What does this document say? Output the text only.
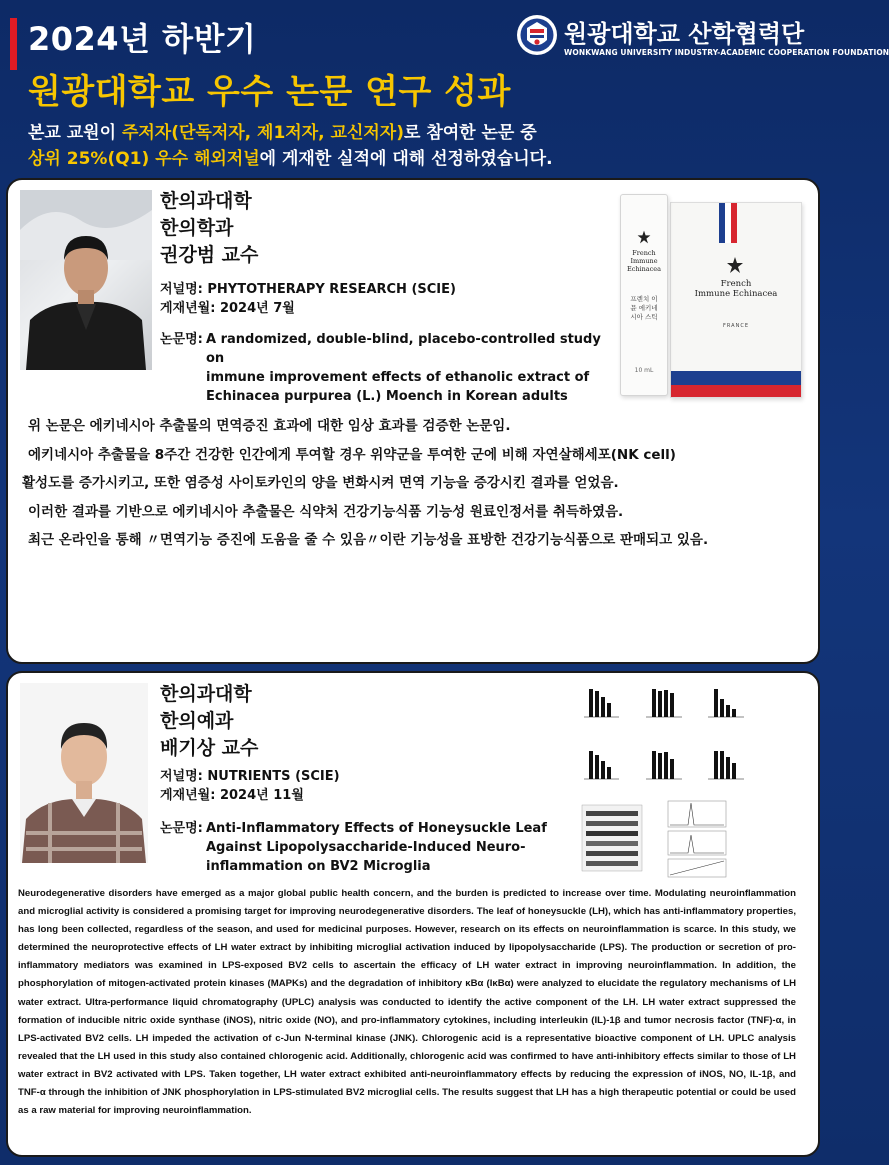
2024년 하반기
원광대학교 우수 논문 연구 성과
원광대학교 산학협력단
WONKWANG UNIVERSITY INDUSTRY-ACADEMIC COOPERATION FOUNDATION
본교 교원이 주저자(단독저자, 제1저자, 교신저자)로 참여한 논문 중
상위 25%(Q1) 우수 해외저널에 게재한 실적에 대해 선정하였습니다.
한의과대학
한의학과
권강범 교수
저널명: PHYTOTHERAPY RESEARCH (SCIE)
게재년월: 2024년 7월
논문명: A randomized, double-blind, placebo-controlled study on
immune improvement effects of ethanolic extract of
Echinacea purpurea (L.) Moench in Korean adults
French
Immune Echinacea
FRANCE
French
Immune
Echinacea
프렌치 이뮨 에키네시아 스틱
10 mL
위 논문은 에키네시아 추출물의 면역증진 효과에 대한 임상 효과를 검증한 논문임.
에키네시아 추출물을 8주간 건강한 인간에게 투여할 경우 위약군을 투여한 군에 비해 자연살해세포(NK cell)
활성도를 증가시키고, 또한 염증성 사이토카인의 양을 변화시켜 면역 기능을 증강시킨 결과를 얻었음.
이러한 결과를 기반으로 에키네시아 추출물은 식약처 건강기능식품 기능성 원료인정서를 취득하였음.
최근 온라인을 통해 〃면역기능 증진에 도움을 줄 수 있음〃이란 기능성을 표방한 건강기능식품으로 판매되고 있음.
한의과대학
한의예과
배기상 교수
저널명: NUTRIENTS (SCIE)
게재년월: 2024년 11월
논문명: Anti-Inflammatory Effects of Honeysuckle Leaf
Against Lipopolysaccharide-Induced Neuro-
inflammation on BV2 Microglia
Neurodegenerative disorders have emerged as a major global public health concern, and the burden is predicted to increase over time. Modulating neuroinflammation and microglial activity is considered a promising target for improving neurodegenerative disorders. The leaf of honeysuckle (LH), which has anti-inflammatory properties, has long been collected, regardless of the season, and used for medicinal purposes. However, research on its effects on neuroinflammation is scarce. In this study, we determined the neuroprotective effects of LH water extract by inhibiting microglial activation induced by lipopolysaccharide (LPS). The production or secretion of pro-inflammatory mediators was examined in LPS-exposed BV2 cells to ascertain the efficacy of LH water extract in improving neuroinflammation. In addition, the phosphorylation of mitogen-activated protein kinases (MAPKs) and the degradation of inhibitory κBα (IκBα) were analyzed to elucidate the regulatory mechanisms of LH water extract. Ultra-performance liquid chromatography (UPLC) analysis was conducted to identify the active component of the LH. LH water extract suppressed the formation of inducible nitric oxide synthase (iNOS), nitric oxide (NO), and pro-inflammatory cytokines, including interleukin (IL)-1β and tumor necrosis factor (TNF)-α, in LPS-activated BV2 cells. LH impeded the activation of c-Jun N-terminal kinase (JNK). Chlorogenic acid is a representative bioactive component of LH. UPLC analysis revealed that the LH used in this study also contained chlorogenic acid. Additionally, chlorogenic acid was confirmed to have anti-inhibitory effects similar to those of LH water extract in BV2 activated with LPS. Taken together, LH water extract exhibited anti-neuroinflammatory effects by reducing the expression of iNOS, NO, IL-1β, and TNF-α through the inhibition of JNK phosphorylation in LPS-stimulated BV2 microglial cells. The results suggest that LH has a high therapeutic potential or could be used as a raw material for improving neuroinflammation.
